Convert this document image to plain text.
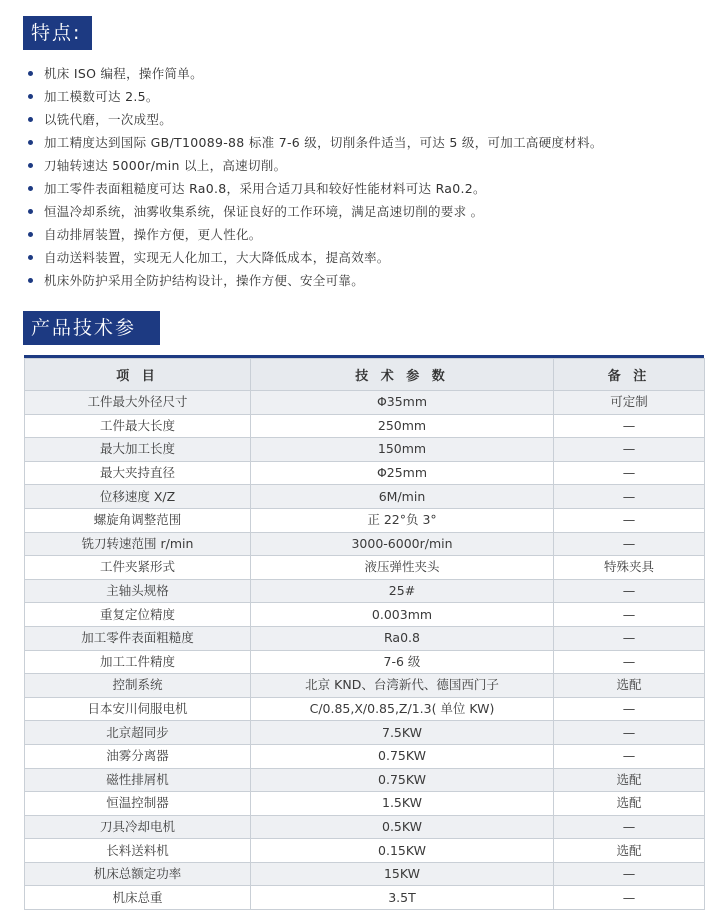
特点:
机床 ISO 编程，操作简单。
加工模数可达 2.5。
以铣代磨，一次成型。
加工精度达到国际 GB/T10089-88 标准 7-6 级，切削条件适当，可达 5 级，可加工高硬度材料。
刀轴转速达 5000r/min 以上，高速切削。
加工零件表面粗糙度可达 Ra0.8，采用合适刀具和较好性能材料可达 Ra0.2。
恒温冷却系统，油雾收集系统，保证良好的工作环境，满足高速切削的要求 。
自动排屑装置，操作方便，更人性化。
自动送料装置，实现无人化加工，大大降低成本，提高效率。
机床外防护采用全防护结构设计，操作方便、安全可靠。
产品技术参
项 目	技 术 参 数	备 注
工件最大外径尺寸	Φ35mm	可定制
工件最大长度	250mm	—
最大加工长度	150mm	—
最大夹持直径	Φ25mm	—
位移速度 X/Z	6M/min	—
螺旋角调整范围	正 22°负 3°	—
铣刀转速范围 r/min	3000-6000r/min	—
工件夹紧形式	液压弹性夹头	特殊夹具
主轴头规格	25#	—
重复定位精度	0.003mm	—
加工零件表面粗糙度	Ra0.8	—
加工工件精度	7-6 级	—
控制系统	北京 KND、台湾新代、德国西门子	选配
日本安川伺服电机	C/0.85,X/0.85,Z/1.3( 单位 KW)	—
北京超同步	7.5KW	—
油雾分离器	0.75KW	—
磁性排屑机	0.75KW	选配
恒温控制器	1.5KW	选配
刀具冷却电机	0.5KW	—
长料送料机	0.15KW	选配
机床总额定功率	15KW	—
机床总重	3.5T	—
